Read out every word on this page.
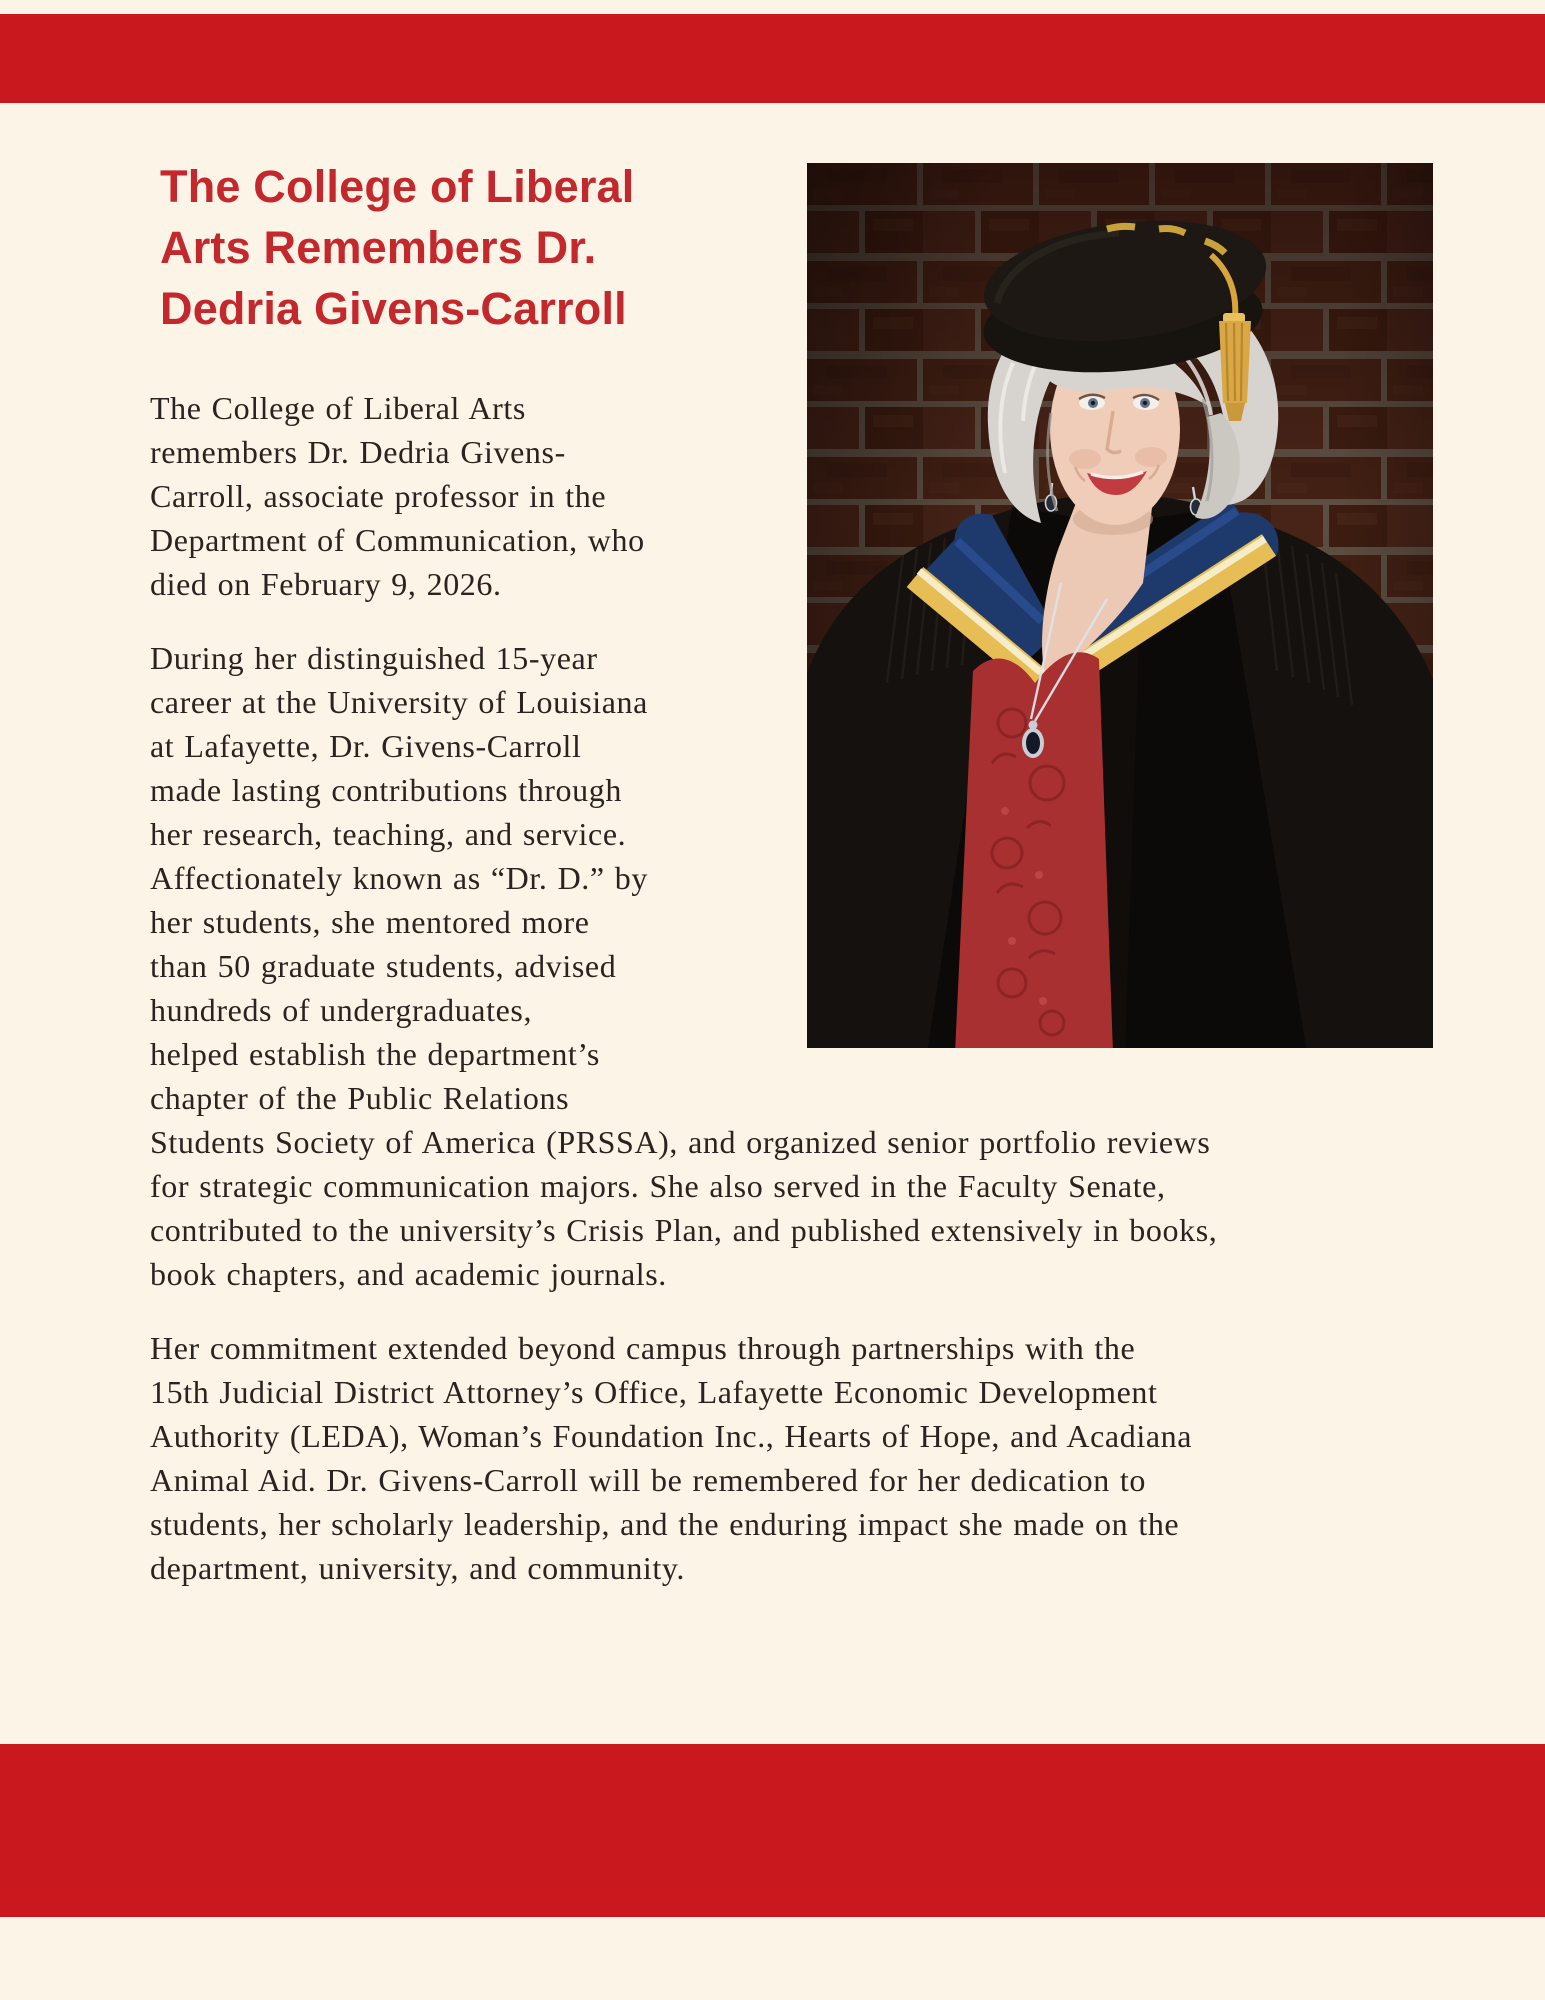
The College of Liberal
Arts Remembers Dr.
Dedria Givens-Carroll
The College of Liberal Arts
remembers Dr. Dedria Givens-
Carroll, associate professor in the
Department of Communication, who
died on February 9, 2026.
During her distinguished 15-year
career at the University of Louisiana
at Lafayette, Dr. Givens-Carroll
made lasting contributions through
her research, teaching, and service.
Affectionately known as “Dr. D.” by
her students, she mentored more
than 50 graduate students, advised
hundreds of undergraduates,
helped establish the department’s
chapter of the Public Relations
Students Society of America (PRSSA), and organized senior portfolio reviews
for strategic communication majors. She also served in the Faculty Senate,
contributed to the university’s Crisis Plan, and published extensively in books,
book chapters, and academic journals.
Her commitment extended beyond campus through partnerships with the
15th Judicial District Attorney’s Office, Lafayette Economic Development
Authority (LEDA), Woman’s Foundation Inc., Hearts of Hope, and Acadiana
Animal Aid. Dr. Givens-Carroll will be remembered for her dedication to
students, her scholarly leadership, and the enduring impact she made on the
department, university, and community.
